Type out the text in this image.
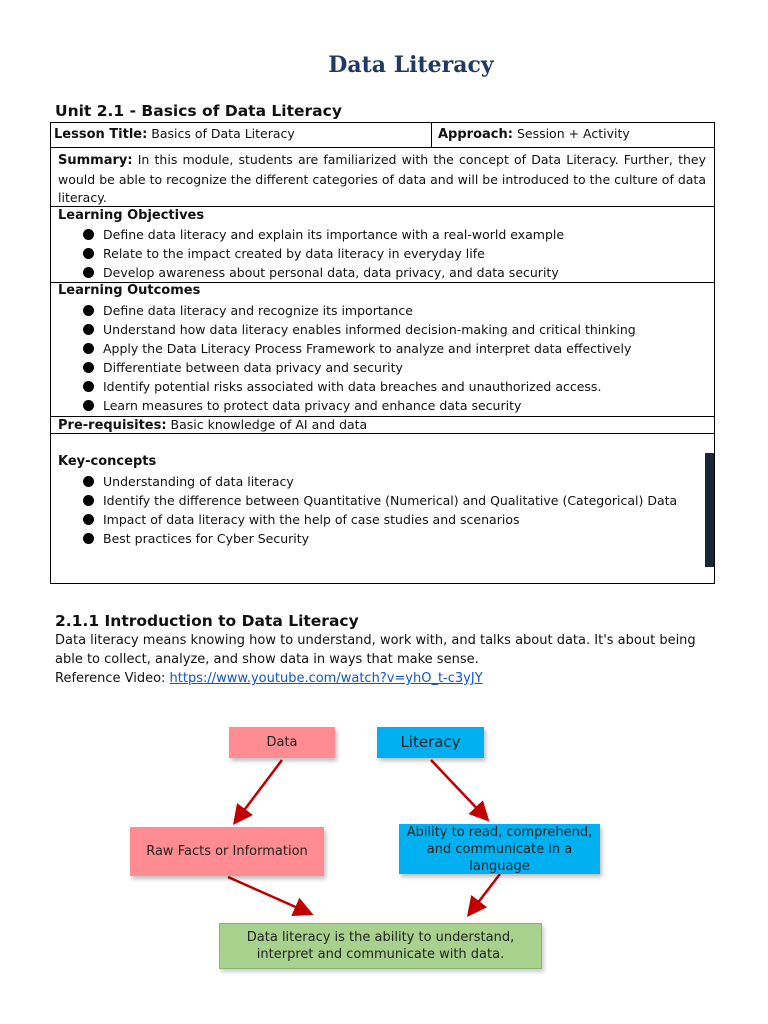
Data Literacy
Unit 2.1 - Basics of Data Literacy
Lesson Title: Basics of Data Literacy	Approach: Session + Activity
Summary: In this module, students are familiarized with the concept of Data Literacy. Further, they would be able to recognize the different categories of data and will be introduced to the culture of data literacy.
Learning Objectives
Define data literacy and explain its importance with a real-world example
Relate to the impact created by data literacy in everyday life
Develop awareness about personal data, data privacy, and data security
Learning Outcomes
Define data literacy and recognize its importance
Understand how data literacy enables informed decision-making and critical thinking
Apply the Data Literacy Process Framework to analyze and interpret data effectively
Differentiate between data privacy and security
Identify potential risks associated with data breaches and unauthorized access.
Learn measures to protect data privacy and enhance data security
Pre-requisites: Basic knowledge of AI and data
Key-concepts
Understanding of data literacy
Identify the difference between Quantitative (Numerical) and Qualitative (Categorical) Data
Impact of data literacy with the help of case studies and scenarios
Best practices for Cyber Security
2.1.1 Introduction to Data Literacy
Data literacy means knowing how to understand, work with, and talks about data. It's about being able to collect, analyze, and show data in ways that make sense.
Reference Video: https://www.youtube.com/watch?v=yhO_t-c3yJY
Data	Literacy
Raw Facts or Information
Ability to read, comprehend, and communicate in a language
Data literacy is the ability to understand, interpret and communicate with data.
